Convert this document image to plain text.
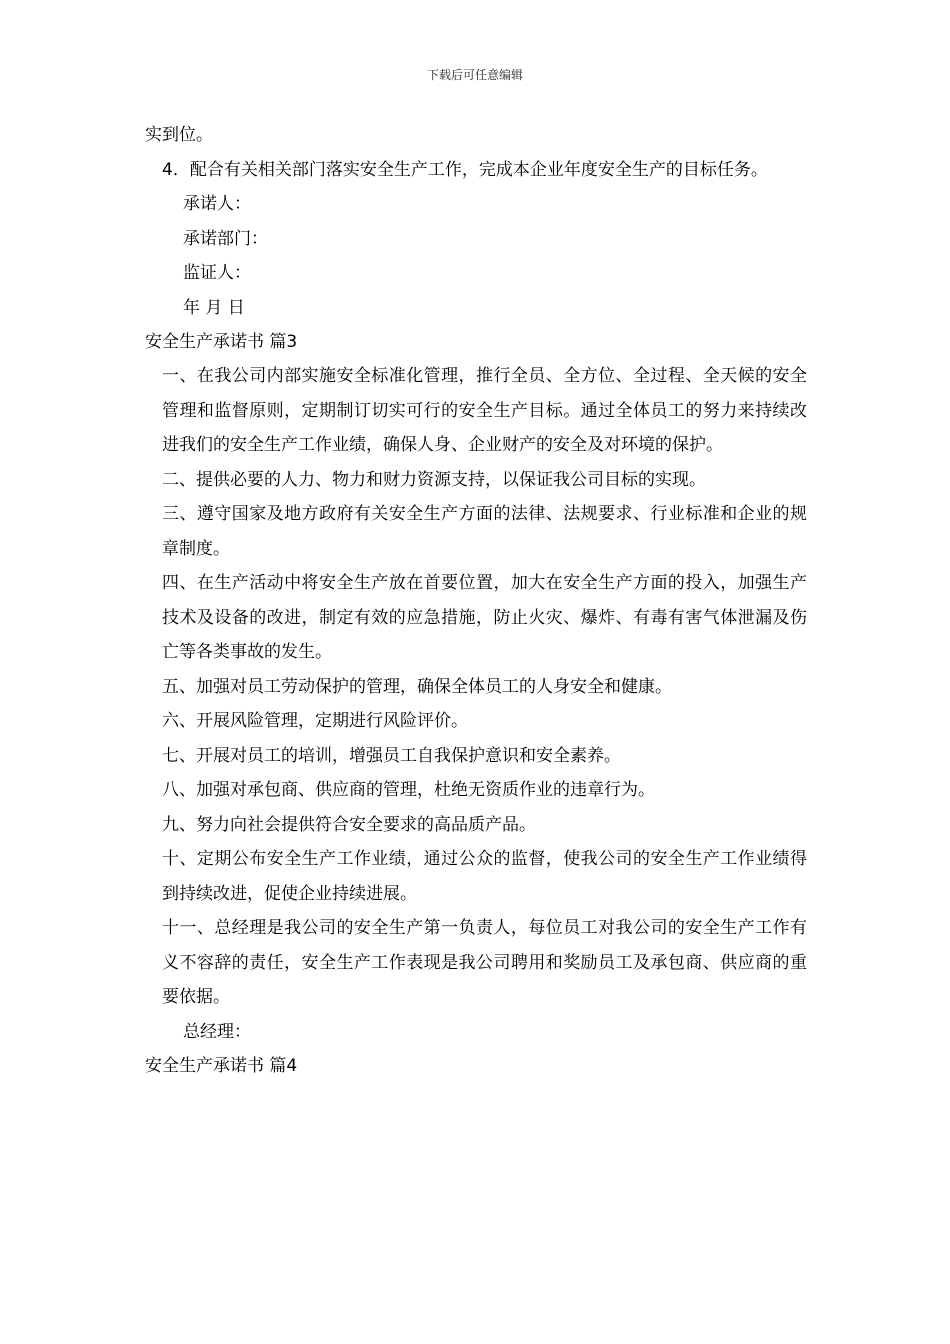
下载后可任意编辑
实到位。
4．配合有关相关部门落实安全生产工作，完成本企业年度安全生产的目标任务。
承诺人：
承诺部门：
监证人：
年 月 日
安全生产承诺书 篇3
一、在我公司内部实施安全标准化管理，推行全员、全方位、全过程、全天候的安全管理和监督原则，定期制订切实可行的安全生产目标。通过全体员工的努力来持续改进我们的安全生产工作业绩，确保人身、企业财产的安全及对环境的保护。
二、提供必要的人力、物力和财力资源支持，以保证我公司目标的实现。
三、遵守国家及地方政府有关安全生产方面的法律、法规要求、行业标准和企业的规章制度。
四、在生产活动中将安全生产放在首要位置，加大在安全生产方面的投入，加强生产技术及设备的改进，制定有效的应急措施，防止火灾、爆炸、有毒有害气体泄漏及伤亡等各类事故的发生。
五、加强对员工劳动保护的管理，确保全体员工的人身安全和健康。
六、开展风险管理，定期进行风险评价。
七、开展对员工的培训，增强员工自我保护意识和安全素养。
八、加强对承包商、供应商的管理，杜绝无资质作业的违章行为。
九、努力向社会提供符合安全要求的高品质产品。
十、定期公布安全生产工作业绩，通过公众的监督，使我公司的安全生产工作业绩得到持续改进，促使企业持续进展。
十一、总经理是我公司的安全生产第一负责人，每位员工对我公司的安全生产工作有义不容辞的责任，安全生产工作表现是我公司聘用和奖励员工及承包商、供应商的重要依据。
总经理：
安全生产承诺书 篇4
